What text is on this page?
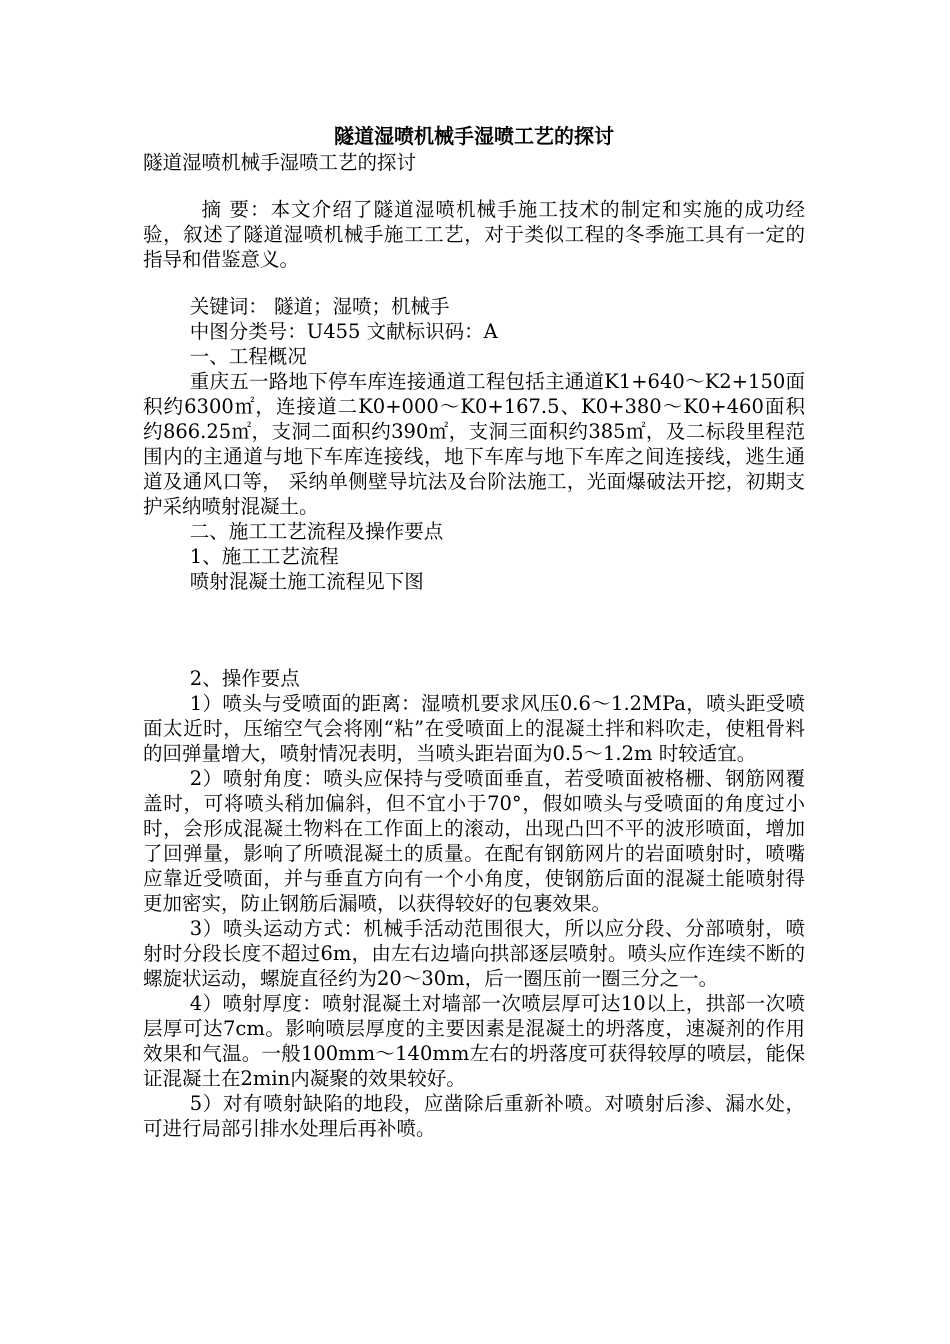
隧道湿喷机械手湿喷工艺的探讨

隧道湿喷机械手湿喷工艺的探讨

摘 要：本文介绍了隧道湿喷机械手施工技术的制定和实施的成功经验，叙述了隧道湿喷机械手施工工艺，对于类似工程的冬季施工具有一定的指导和借鉴意义。

关键词： 隧道；湿喷；机械手

中图分类号：U455 文献标识码：A

一、工程概况

重庆五一路地下停车库连接通道工程包括主通道K1+640～K2+150面积约6300㎡，连接道二K0+000～K0+167.5、K0+380～K0+460面积约866.25㎡，支洞二面积约390㎡，支洞三面积约385㎡，及二标段里程范围内的主通道与地下车库连接线，地下车库与地下车库之间连接线，逃生通道及通风口等， 采纳单侧壁导坑法及台阶法施工，光面爆破法开挖，初期支护采纳喷射混凝土。

二、施工工艺流程及操作要点

1、施工工艺流程

喷射混凝土施工流程见下图

2、操作要点

1）喷头与受喷面的距离：湿喷机要求风压0.6～1.2MPa，喷头距受喷面太近时，压缩空气会将刚“粘”在受喷面上的混凝土拌和料吹走，使粗骨料的回弹量增大，喷射情况表明，当喷头距岩面为0.5～1.2m 时较适宜。

2）喷射角度：喷头应保持与受喷面垂直，若受喷面被格栅、钢筋网覆盖时，可将喷头稍加偏斜，但不宜小于70°，假如喷头与受喷面的角度过小时，会形成混凝土物料在工作面上的滚动，出现凸凹不平的波形喷面，增加了回弹量，影响了所喷混凝土的质量。在配有钢筋网片的岩面喷射时，喷嘴应靠近受喷面，并与垂直方向有一个小角度，使钢筋后面的混凝土能喷射得更加密实，防止钢筋后漏喷，以获得较好的包裹效果。

3）喷头运动方式：机械手活动范围很大，所以应分段、分部喷射，喷射时分段长度不超过6m，由左右边墙向拱部逐层喷射。喷头应作连续不断的螺旋状运动，螺旋直径约为20～30m，后一圈压前一圈三分之一。

4）喷射厚度：喷射混凝土对墙部一次喷层厚可达10以上，拱部一次喷层厚可达7cm。影响喷层厚度的主要因素是混凝土的坍落度，速凝剂的作用效果和气温。一般100mm～140mm左右的坍落度可获得较厚的喷层，能保证混凝土在2min内凝聚的效果较好。

5）对有喷射缺陷的地段，应凿除后重新补喷。对喷射后渗、漏水处，可进行局部引排水处理后再补喷。
